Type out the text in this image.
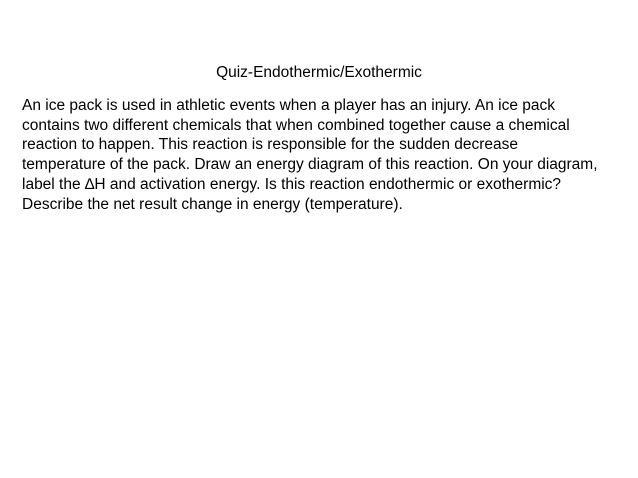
Quiz-Endothermic/Exothermic
An ice pack is used in athletic events when a player has an injury. An ice pack
contains two different chemicals that when combined together cause a chemical
reaction to happen. This reaction is responsible for the sudden decrease
temperature of the pack. Draw an energy diagram of this reaction. On your diagram,
label the ∆H and activation energy. Is this reaction endothermic or exothermic?
Describe the net result change in energy (temperature).
